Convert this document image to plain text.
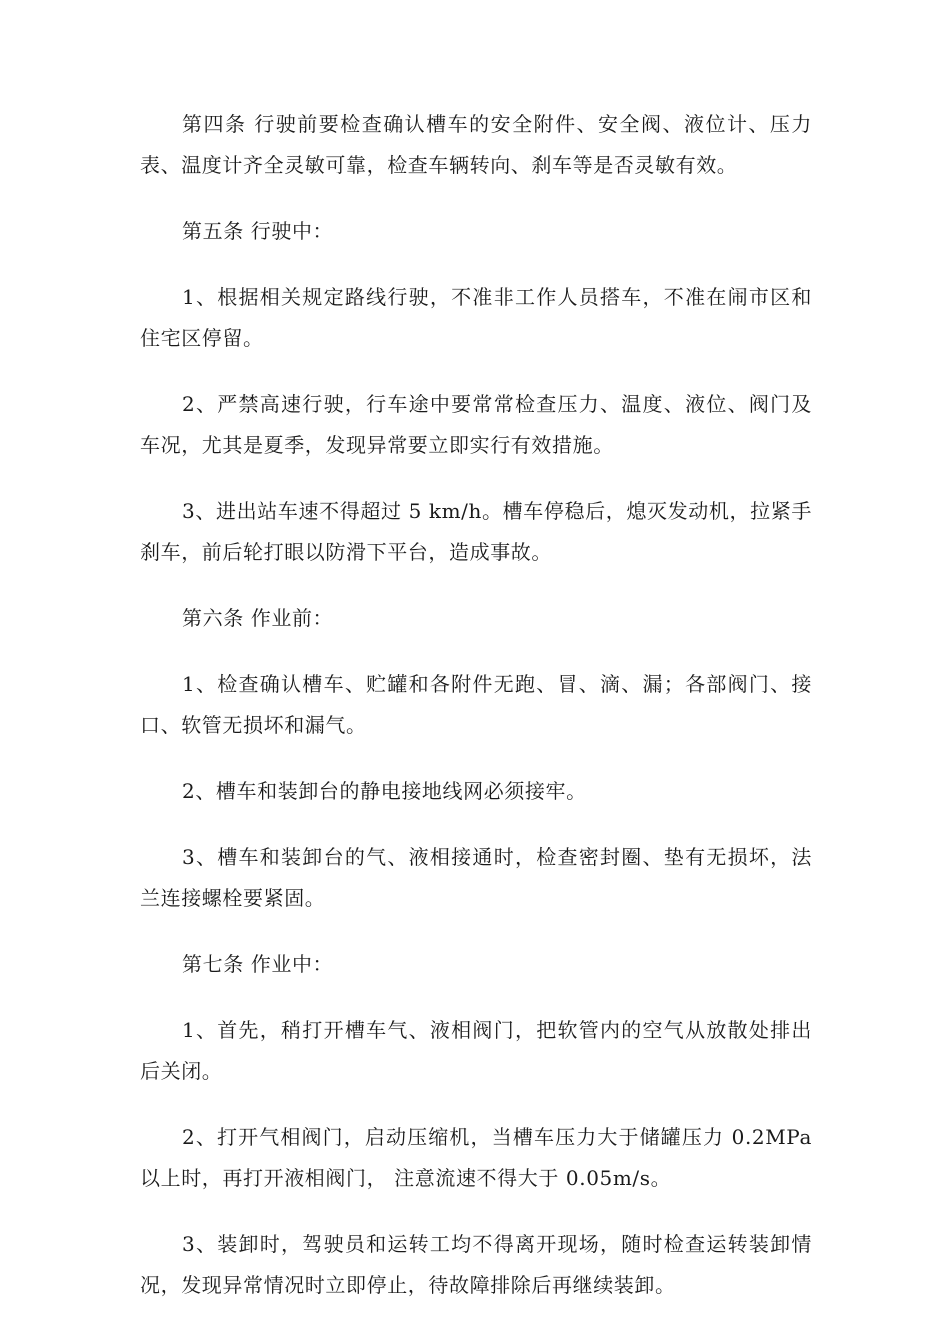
第四条 行驶前要检查确认槽车的安全附件、安全阀、液位计、压力表、温度计齐全灵敏可靠，检查车辆转向、刹车等是否灵敏有效。

第五条 行驶中：

1、根据相关规定路线行驶，不准非工作人员搭车，不准在闹市区和住宅区停留。

2、严禁高速行驶，行车途中要常常检查压力、温度、液位、阀门及车况，尤其是夏季，发现异常要立即实行有效措施。

3、进出站车速不得超过 5 km/h。槽车停稳后，熄灭发动机，拉紧手刹车，前后轮打眼以防滑下平台，造成事故。

第六条 作业前：

1、检查确认槽车、贮罐和各附件无跑、冒、滴、漏；各部阀门、接口、软管无损坏和漏气。

2、槽车和装卸台的静电接地线网必须接牢。

3、槽车和装卸台的气、液相接通时，检查密封圈、垫有无损坏，法兰连接螺栓要紧固。

第七条 作业中：

1、首先，稍打开槽车气、液相阀门，把软管内的空气从放散处排出后关闭。

2、打开气相阀门，启动压缩机，当槽车压力大于储罐压力 0.2MPa 以上时，再打开液相阀门， 注意流速不得大于 0.05m/s。

3、装卸时，驾驶员和运转工均不得离开现场，随时检查运转装卸情况，发现异常情况时立即停止，待故障排除后再继续装卸。
